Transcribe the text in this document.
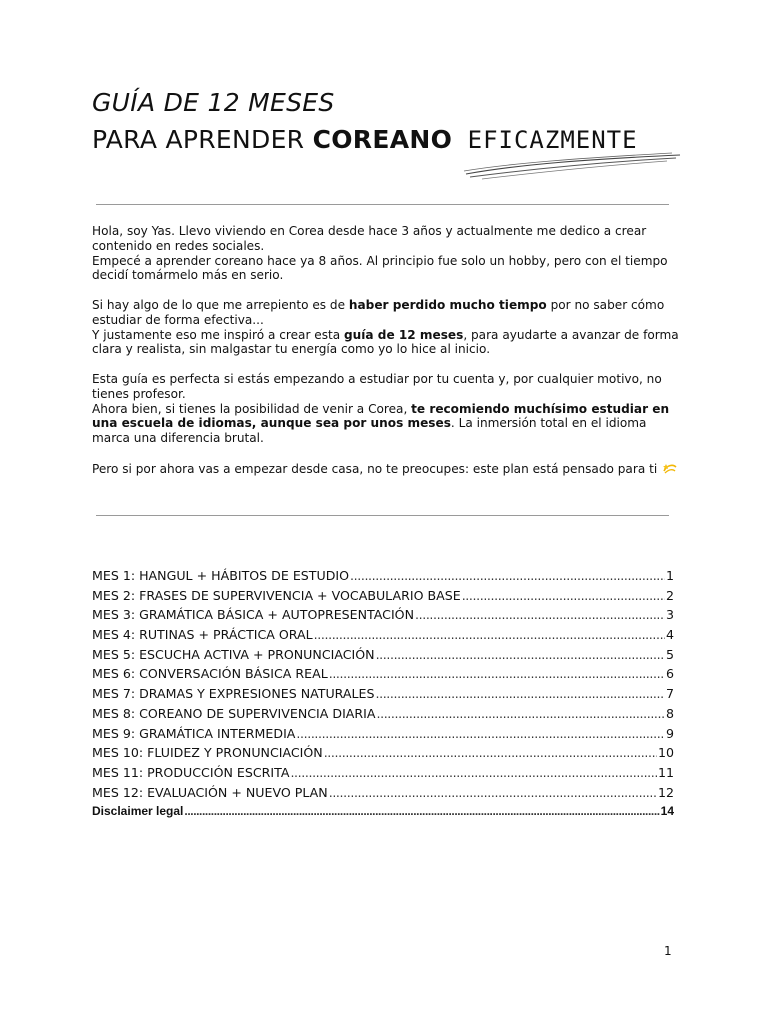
GUÍA DE 12 MESES
PARA APRENDER COREANO EFICAZMENTE

Hola, soy Yas. Llevo viviendo en Corea desde hace 3 años y actualmente me dedico a crear contenido en redes sociales.
Empecé a aprender coreano hace ya 8 años. Al principio fue solo un hobby, pero con el tiempo decidí tomármelo más en serio.

Si hay algo de lo que me arrepiento es de haber perdido mucho tiempo por no saber cómo estudiar de forma efectiva...
Y justamente eso me inspiró a crear esta guía de 12 meses, para ayudarte a avanzar de forma clara y realista, sin malgastar tu energía como yo lo hice al inicio.

Esta guía es perfecta si estás empezando a estudiar por tu cuenta y, por cualquier motivo, no tienes profesor.
Ahora bien, si tienes la posibilidad de venir a Corea, te recomiendo muchísimo estudiar en una escuela de idiomas, aunque sea por unos meses. La inmersión total en el idioma marca una diferencia brutal.

Pero si por ahora vas a empezar desde casa, no te preocupes: este plan está pensado para ti

MES 1: HANGUL + HÁBITOS DE ESTUDIO .....	1
MES 2: FRASES DE SUPERVIVENCIA + VOCABULARIO BASE .....	2
MES 3: GRAMÁTICA BÁSICA + AUTOPRESENTACIÓN .....	3
MES 4: RUTINAS + PRÁCTICA ORAL .....	4
MES 5: ESCUCHA ACTIVA + PRONUNCIACIÓN .....	5
MES 6: CONVERSACIÓN BÁSICA REAL .....	6
MES 7: DRAMAS Y EXPRESIONES NATURALES .....	7
MES 8: COREANO DE SUPERVIVENCIA DIARIA .....	8
MES 9: GRAMÁTICA INTERMEDIA .....	9
MES 10: FLUIDEZ Y PRONUNCIACIÓN .....	10
MES 11: PRODUCCIÓN ESCRITA .....	11
MES 12: EVALUACIÓN + NUEVO PLAN .....	12
Disclaimer legal .....	14
1
